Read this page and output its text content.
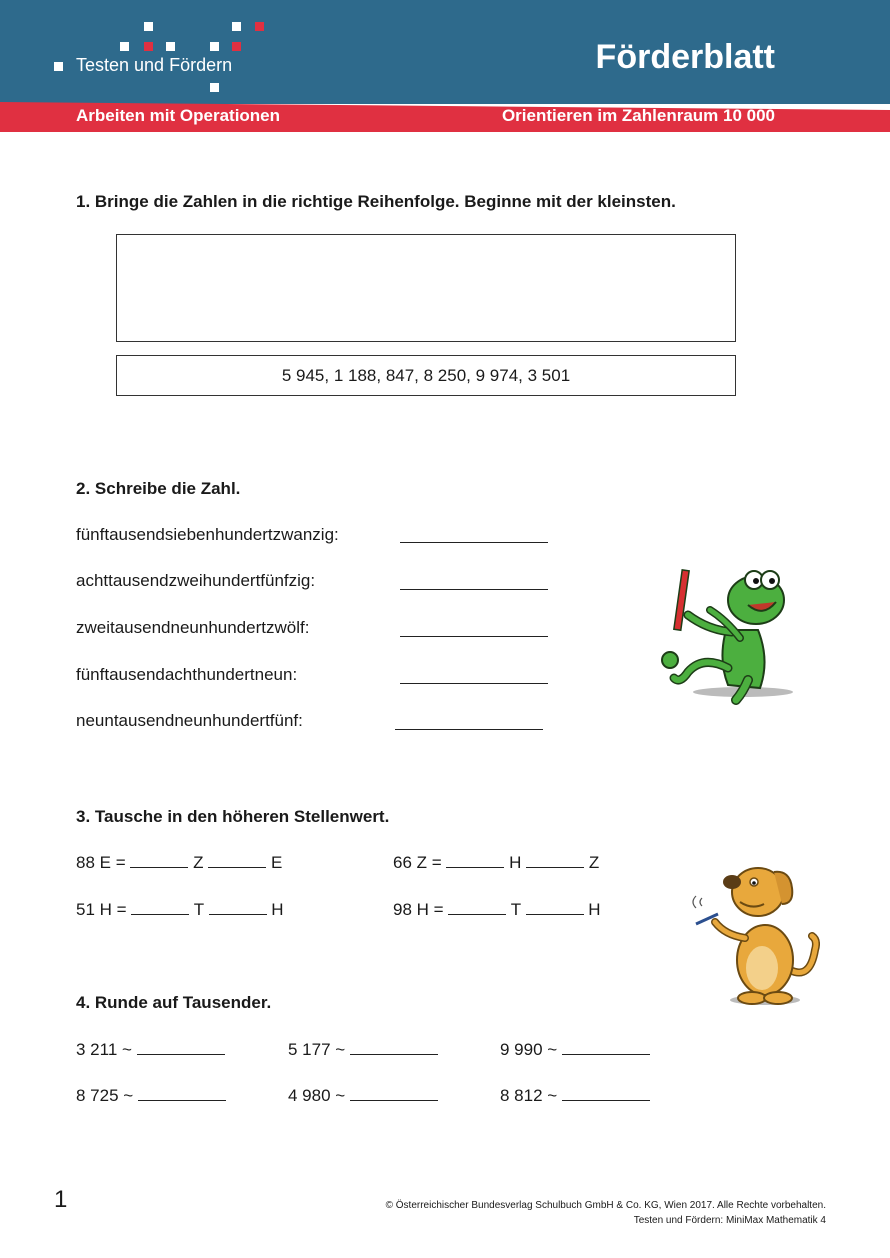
Testen und Fördern	Förderblatt
Arbeiten mit Operationen	Orientieren im Zahlenraum 10 000
1. Bringe die Zahlen in die richtige Reihenfolge. Beginne mit der kleinsten.
5 945, 1 188, 847, 8 250, 9 974, 3 501
2. Schreibe die Zahl.
fünftausendsiebenhundertzwanzig:
achttausendzweihundertfünfzig:
zweitausendneunhundertzwölf:
fünftausendachthundertneun:
neuntausendneunhundertfünf:
3. Tausche in den höheren Stellenwert.
88 E =	Z	E	66 Z =	H	Z
51 H =	T	H	98 H =	T	H
4. Runde auf Tausender.
3 211 ~	5 177 ~	9 990 ~
8 725 ~	4 980 ~	8 812 ~
1	© Österreichischer Bundesverlag Schulbuch GmbH & Co. KG, Wien 2017. Alle Rechte vorbehalten.
Testen und Fördern: MiniMax Mathematik 4
